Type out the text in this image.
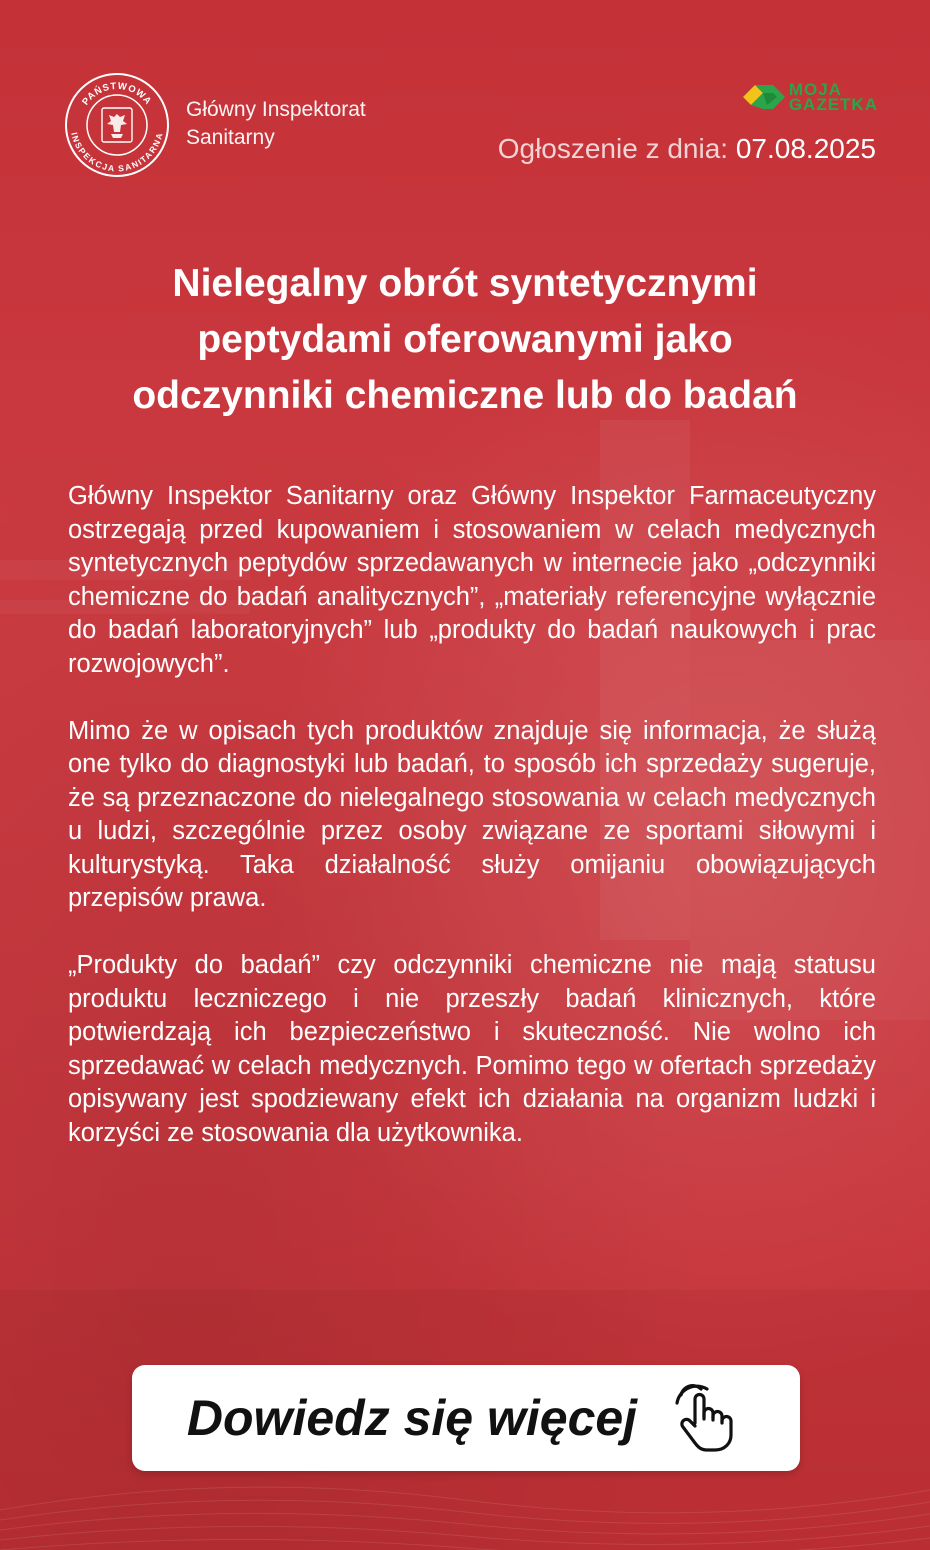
PAŃSTWOWA
INSPEKCJA SANITARNA
Główny Inspektorat
Sanitarny
MOJA
GAZETKA
Ogłoszenie z dnia: 07.08.2025
Nielegalny obrót syntetycznymi
peptydami oferowanymi jako
odczynniki chemiczne lub do badań

Główny Inspektor Sanitarny oraz Główny Inspektor Farmaceutyczny ostrzegają przed kupowaniem i stosowaniem w celach medycznych syntetycznych peptydów sprzedawanych w internecie jako „odczynniki chemiczne do badań analitycznych”, „materiały referencyjne wyłącznie do badań laboratoryjnych” lub „produkty do badań naukowych i prac rozwojowych”.

Mimo że w opisach tych produktów znajduje się informacja, że służą one tylko do diagnostyki lub badań, to sposób ich sprzedaży sugeruje, że są przeznaczone do nielegalnego stosowania w celach medycznych u ludzi, szczególnie przez osoby związane ze sportami siłowymi i kulturystyką. Taka działalność służy omijaniu obowiązujących przepisów prawa.

„Produkty do badań” czy odczynniki chemiczne nie mają statusu produktu leczniczego i nie przeszły badań klinicznych, które potwierdzają ich bezpieczeństwo i skuteczność. Nie wolno ich sprzedawać w celach medycznych. Pomimo tego w ofertach sprzedaży opisywany jest spodziewany efekt ich działania na organizm ludzki i korzyści ze stosowania dla użytkownika.

Dowiedz się więcej
